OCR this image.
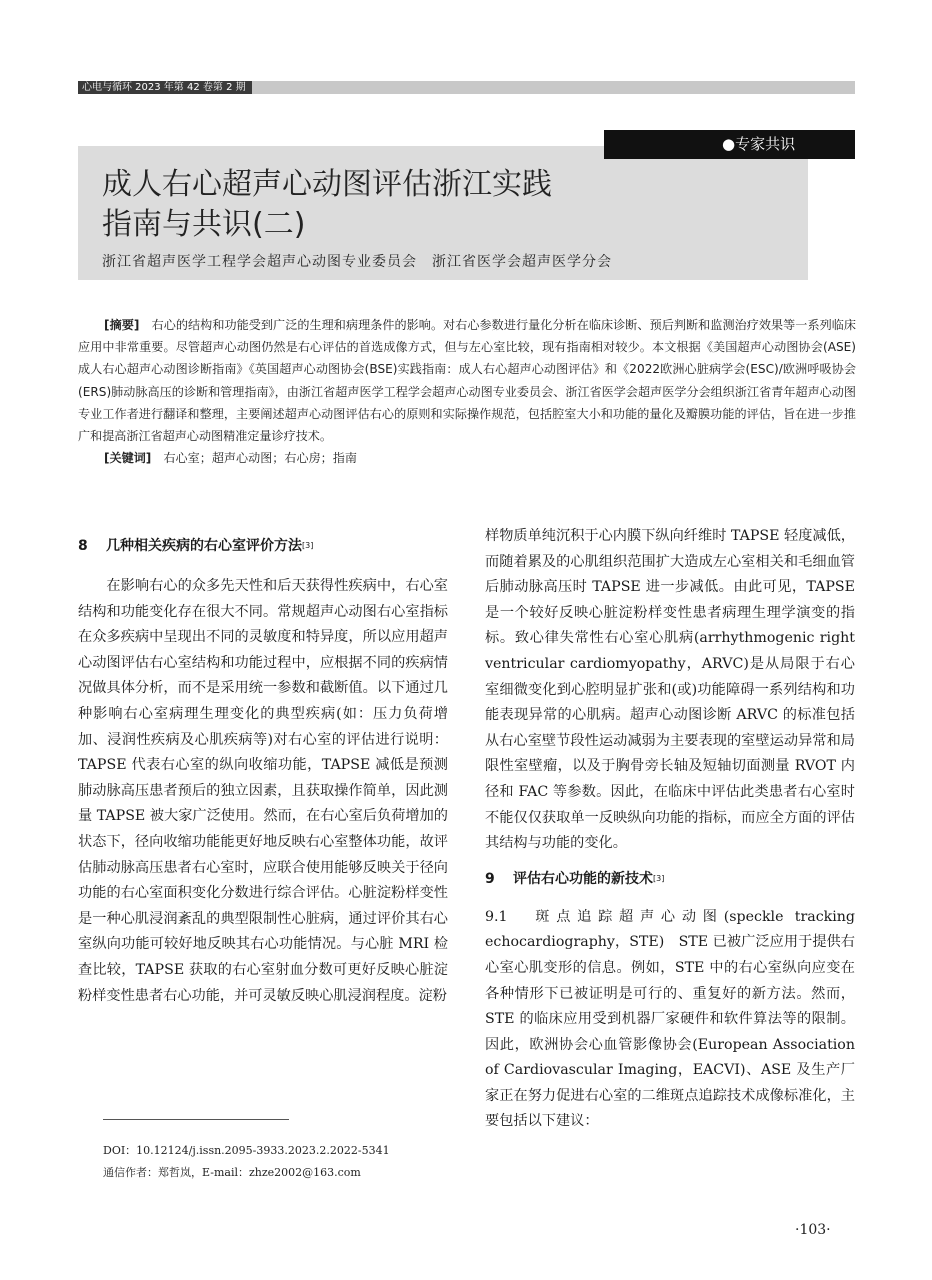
心电与循环 2023 年第 42 卷第 2 期
●专家共识
成人右心超声心动图评估浙江实践
指南与共识(二)
浙江省超声医学工程学会超声心动图专业委员会　浙江省医学会超声医学分会

[摘要]　右心的结构和功能受到广泛的生理和病理条件的影响。对右心参数进行量化分析在临床诊断、预后判断和监测治疗效果等一系列临床应用中非常重要。尽管超声心动图仍然是右心评估的首选成像方式，但与左心室比较，现有指南相对较少。本文根据《美国超声心动图协会(ASE)成人右心超声心动图诊断指南》《英国超声心动图协会(BSE)实践指南：成人右心超声心动图评估》和《2022欧洲心脏病学会(ESC)/欧洲呼吸协会(ERS)肺动脉高压的诊断和管理指南》，由浙江省超声医学工程学会超声心动图专业委员会、浙江省医学会超声医学分会组织浙江省青年超声心动图专业工作者进行翻译和整理，主要阐述超声心动图评估右心的原则和实际操作规范，包括腔室大小和功能的量化及瓣膜功能的评估，旨在进一步推广和提高浙江省超声心动图精准定量诊疗技术。

[关键词]　右心室；超声心动图；右心房；指南

8	几种相关疾病的右心室评价方法 [3]

在影响右心的众多先天性和后天获得性疾病中，右心室结构和功能变化存在很大不同。常规超声心动图右心室指标在众多疾病中呈现出不同的灵敏度和特异度，所以应用超声心动图评估右心室结构和功能过程中，应根据不同的疾病情况做具体分析，而不是采用统一参数和截断值。以下通过几种影响右心室病理生理变化的典型疾病(如：压力负荷增加、浸润性疾病及心肌疾病等)对右心室的评估进行说明：TAPSE 代表右心室的纵向收缩功能，TAPSE 减低是预测肺动脉高压患者预后的独立因素，且获取操作简单，因此测量 TAPSE 被大家广泛使用。然而，在右心室后负荷增加的状态下，径向收缩功能能更好地反映右心室整体功能，故评估肺动脉高压患者右心室时，应联合使用能够反映关于径向功能的右心室面积变化分数进行综合评估。心脏淀粉样变性是一种心肌浸润紊乱的典型限制性心脏病，通过评价其右心室纵向功能可较好地反映其右心功能情况。与心脏 MRI 检查比较，TAPSE 获取的右心室射血分数可更好反映心脏淀粉样变性患者右心功能，并可灵敏反映心肌浸润程度。淀粉

样物质单纯沉积于心内膜下纵向纤维时 TAPSE 轻度减低，而随着累及的心肌组织范围扩大造成左心室相关和毛细血管后肺动脉高压时 TAPSE 进一步减低。由此可见，TAPSE 是一个较好反映心脏淀粉样变性患者病理生理学演变的指标。致心律失常性右心室心肌病(arrhythmogenic right ventricular cardiomyopathy，ARVC)是从局限于右心室细微变化到心腔明显扩张和(或)功能障碍一系列结构和功能表现异常的心肌病。超声心动图诊断 ARVC 的标准包括从右心室壁节段性运动减弱为主要表现的室壁运动异常和局限性室壁瘤，以及于胸骨旁长轴及短轴切面测量 RVOT 内径和 FAC 等参数。因此，在临床中评估此类患者右心室时不能仅仅获取单一反映纵向功能的指标，而应全方面的评估其结构与功能的变化。

9	评估右心功能的新技术 [3]

9.1　斑点追踪超声心动图(speckle tracking echocardiography，STE)　STE 已被广泛应用于提供右心室心肌变形的信息。例如，STE 中的右心室纵向应变在各种情形下已被证明是可行的、重复好的新方法。然而，STE 的临床应用受到机器厂家硬件和软件算法等的限制。因此，欧洲协会心血管影像协会(European Association of Cardiovascular Imaging，EACVI)、ASE 及生产厂家正在努力促进右心室的二维斑点追踪技术成像标准化，主要包括以下建议：

DOI：10.12124/j.issn.2095-3933.2023.2.2022-5341
通信作者：郑哲岚，E-mail：zhze2002@163.com
·103·
